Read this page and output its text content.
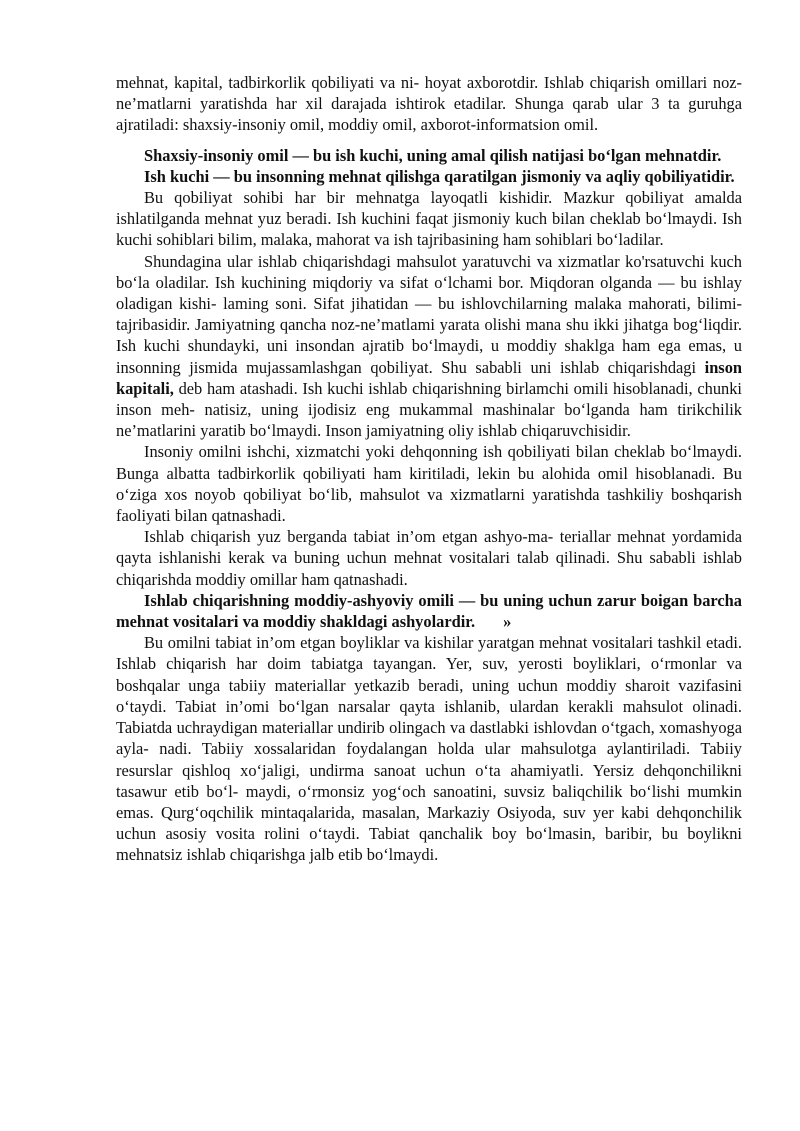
mehnat, kapital, tadbirkorlik qobiliyati va ni- hoyat axborotdir. Ishlab chiqarish omillari noz-ne’matlarni yaratishda har xil darajada ishtirok etadilar. Shunga qarab ular 3 ta guruhga ajratiladi: shaxsiy-insoniy omil, moddiy omil, axborot-informatsion omil.

Shaxsiy-insoniy omil — bu ish kuchi, uning amal qilish natijasi bo‘lgan mehnatdir.

Ish kuchi — bu insonning mehnat qilishga qaratilgan jismoniy va aqliy qobiliyatidir.

Bu qobiliyat sohibi har bir mehnatga layoqatli kishidir. Mazkur qobiliyat amalda ishlatilganda mehnat yuz beradi. Ish kuchini faqat jismoniy kuch bilan cheklab bo‘lmaydi. Ish kuchi sohiblari bilim, malaka, mahorat va ish tajribasining ham sohiblari bo‘ladilar.

Shundagina ular ishlab chiqarishdagi mahsulot yaratuvchi va xizmatlar ko'rsatuvchi kuch bo‘la oladilar. Ish kuchining miqdoriy va sifat o‘lchami bor. Miqdoran olganda — bu ishlay oladigan kishi- laming soni. Sifat jihatidan — bu ishlovchilarning malaka mahorati, bilimi-tajribasidir. Jamiyatning qancha noz-ne’matlami yarata olishi mana shu ikki jihatga bog‘liqdir. Ish kuchi shundayki, uni insondan ajratib bo‘lmaydi, u moddiy shaklga ham ega emas, u insonning jismida mujassamlashgan qobiliyat. Shu sababli uni ishlab chiqarishdagi inson kapitali, deb ham atashadi. Ish kuchi ishlab chiqarishning birlamchi omili hisoblanadi, chunki inson meh- natisiz, uning ijodisiz eng mukammal mashinalar bo‘lganda ham tirikchilik ne’matlarini yaratib bo‘lmaydi. Inson jamiyatning oliy ishlab chiqaruvchisidir.

Insoniy omilni ishchi, xizmatchi yoki dehqonning ish qobiliyati bilan cheklab bo‘lmaydi. Bunga albatta tadbirkorlik qobiliyati ham kiritiladi, lekin bu alohida omil hisoblanadi. Bu o‘ziga xos noyob qobiliyat bo‘lib, mahsulot va xizmatlarni yaratishda tashkiliy boshqarish faoliyati bilan qatnashadi.

Ishlab chiqarish yuz berganda tabiat in’om etgan ashyo-ma- teriallar mehnat yordamida qayta ishlanishi kerak va buning uchun mehnat vositalari talab qilinadi. Shu sababli ishlab chiqarishda moddiy omillar ham qatnashadi.

Ishlab chiqarishning moddiy-ashyoviy omili — bu uning uchun zarur boigan barcha mehnat vositalari va moddiy shakldagi ashyolardir. »

Bu omilni tabiat in’om etgan boyliklar va kishilar yaratgan mehnat vositalari tashkil etadi. Ishlab chiqarish har doim tabiatga tayangan. Yer, suv, yerosti boyliklari, o‘rmonlar va boshqalar unga tabiiy materiallar yetkazib beradi, uning uchun moddiy sharoit vazifasini o‘taydi. Tabiat in’omi bo‘lgan narsalar qayta ishlanib, ulardan kerakli mahsulot olinadi. Tabiatda uchraydigan materiallar undirib olingach va dastlabki ishlovdan o‘tgach, xomashyoga ayla- nadi. Tabiiy xossalaridan foydalangan holda ular mahsulotga aylantiriladi. Tabiiy resurslar qishloq xo‘jaligi, undirma sanoat uchun o‘ta ahamiyatli. Yersiz dehqonchilikni tasawur etib bo‘l- maydi, o‘rmonsiz yog‘och sanoatini, suvsiz baliqchilik bo‘lishi mumkin emas. Qurg‘oqchilik mintaqalarida, masalan, Markaziy Osiyoda, suv yer kabi dehqonchilik uchun asosiy vosita rolini o‘taydi. Tabiat qanchalik boy bo‘lmasin, baribir, bu boylikni mehnatsiz ishlab chiqarishga jalb etib bo‘lmaydi.
